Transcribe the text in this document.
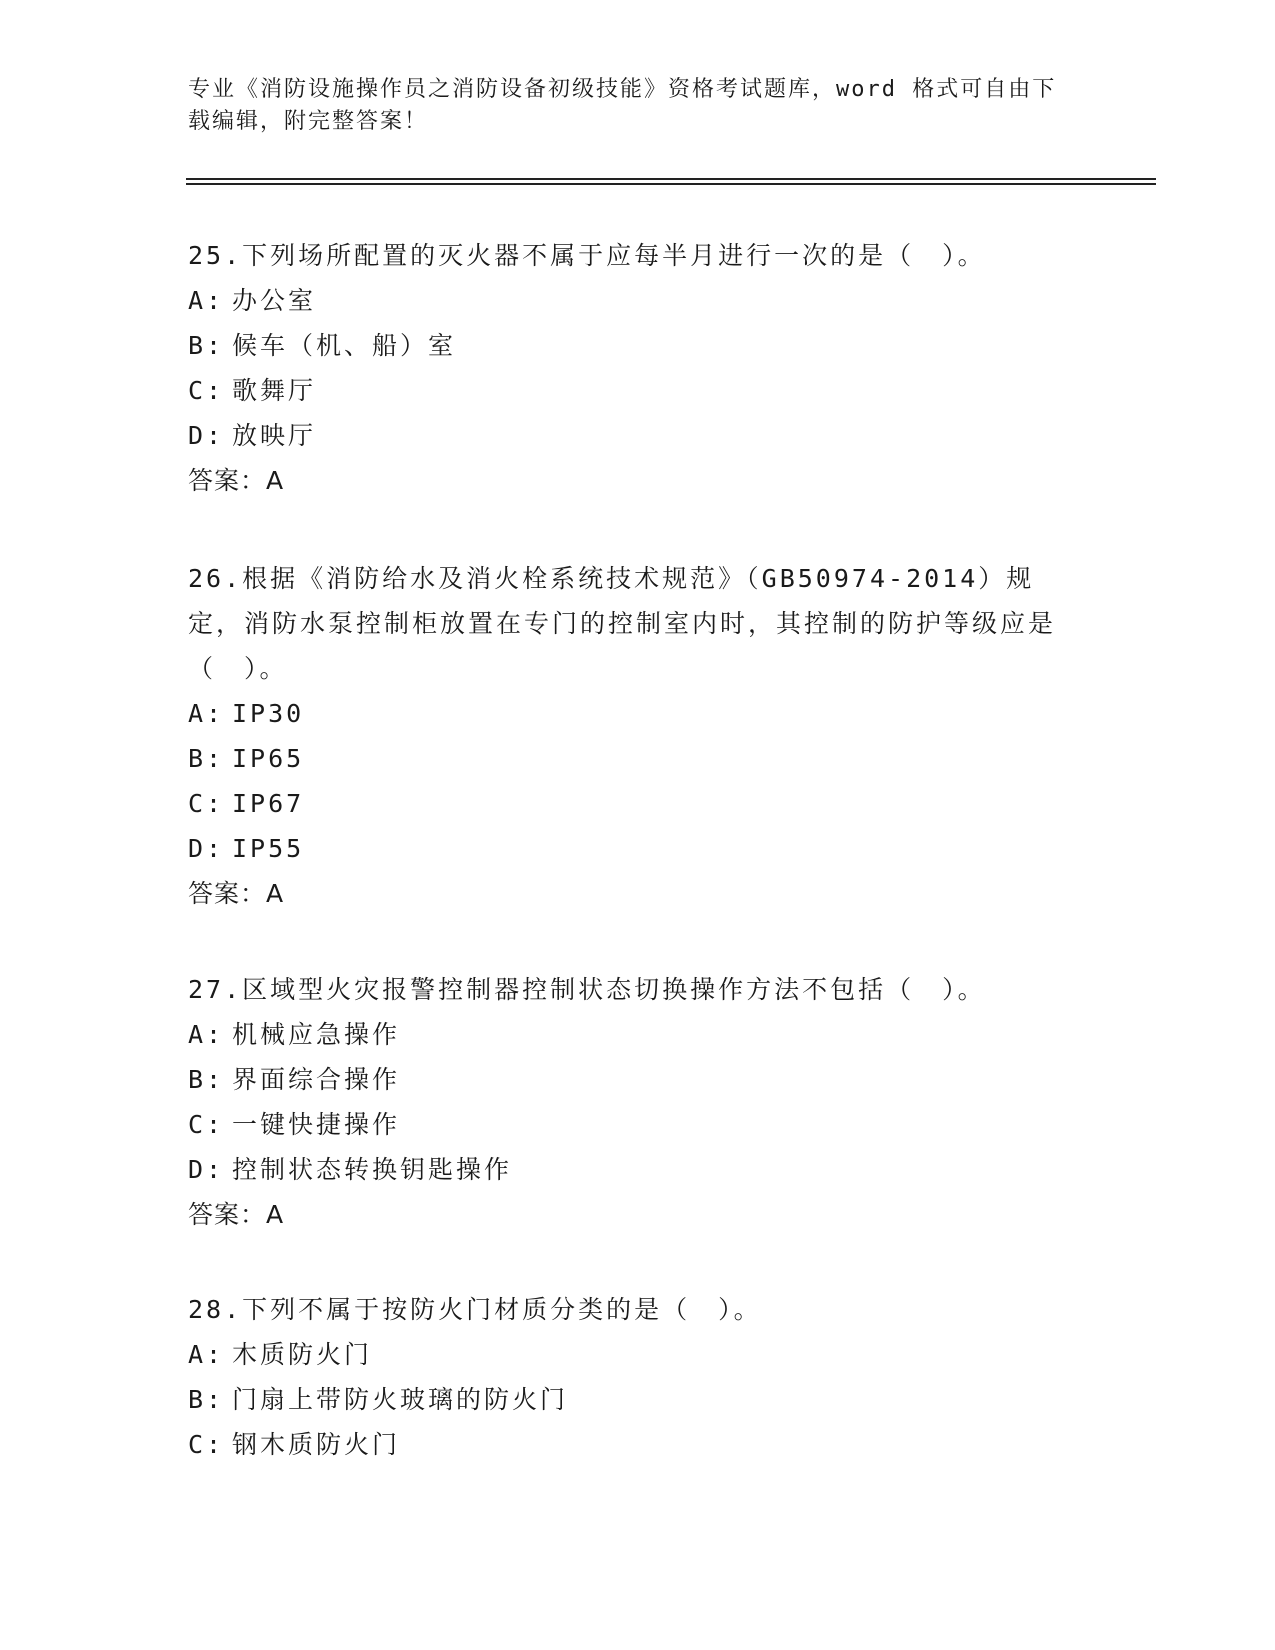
专业《消防设施操作员之消防设备初级技能》资格考试题库，word 格式可自由下载编辑，附完整答案！

25.下列场所配置的灭火器不属于应每半月进行一次的是（　）。

A: 办公室

B: 候车（机、船）室

C: 歌舞厅

D: 放映厅

答案：A

26.根据《消防给水及消火栓系统技术规范》（GB50974-2014）规定，消防水泵控制柜放置在专门的控制室内时，其控制的防护等级应是（　）。

A: IP30

B: IP65

C: IP67

D: IP55

答案：A

27.区域型火灾报警控制器控制状态切换操作方法不包括（　）。

A: 机械应急操作

B: 界面综合操作

C: 一键快捷操作

D: 控制状态转换钥匙操作

答案：A

28.下列不属于按防火门材质分类的是（　）。

A: 木质防火门

B: 门扇上带防火玻璃的防火门

C: 钢木质防火门
